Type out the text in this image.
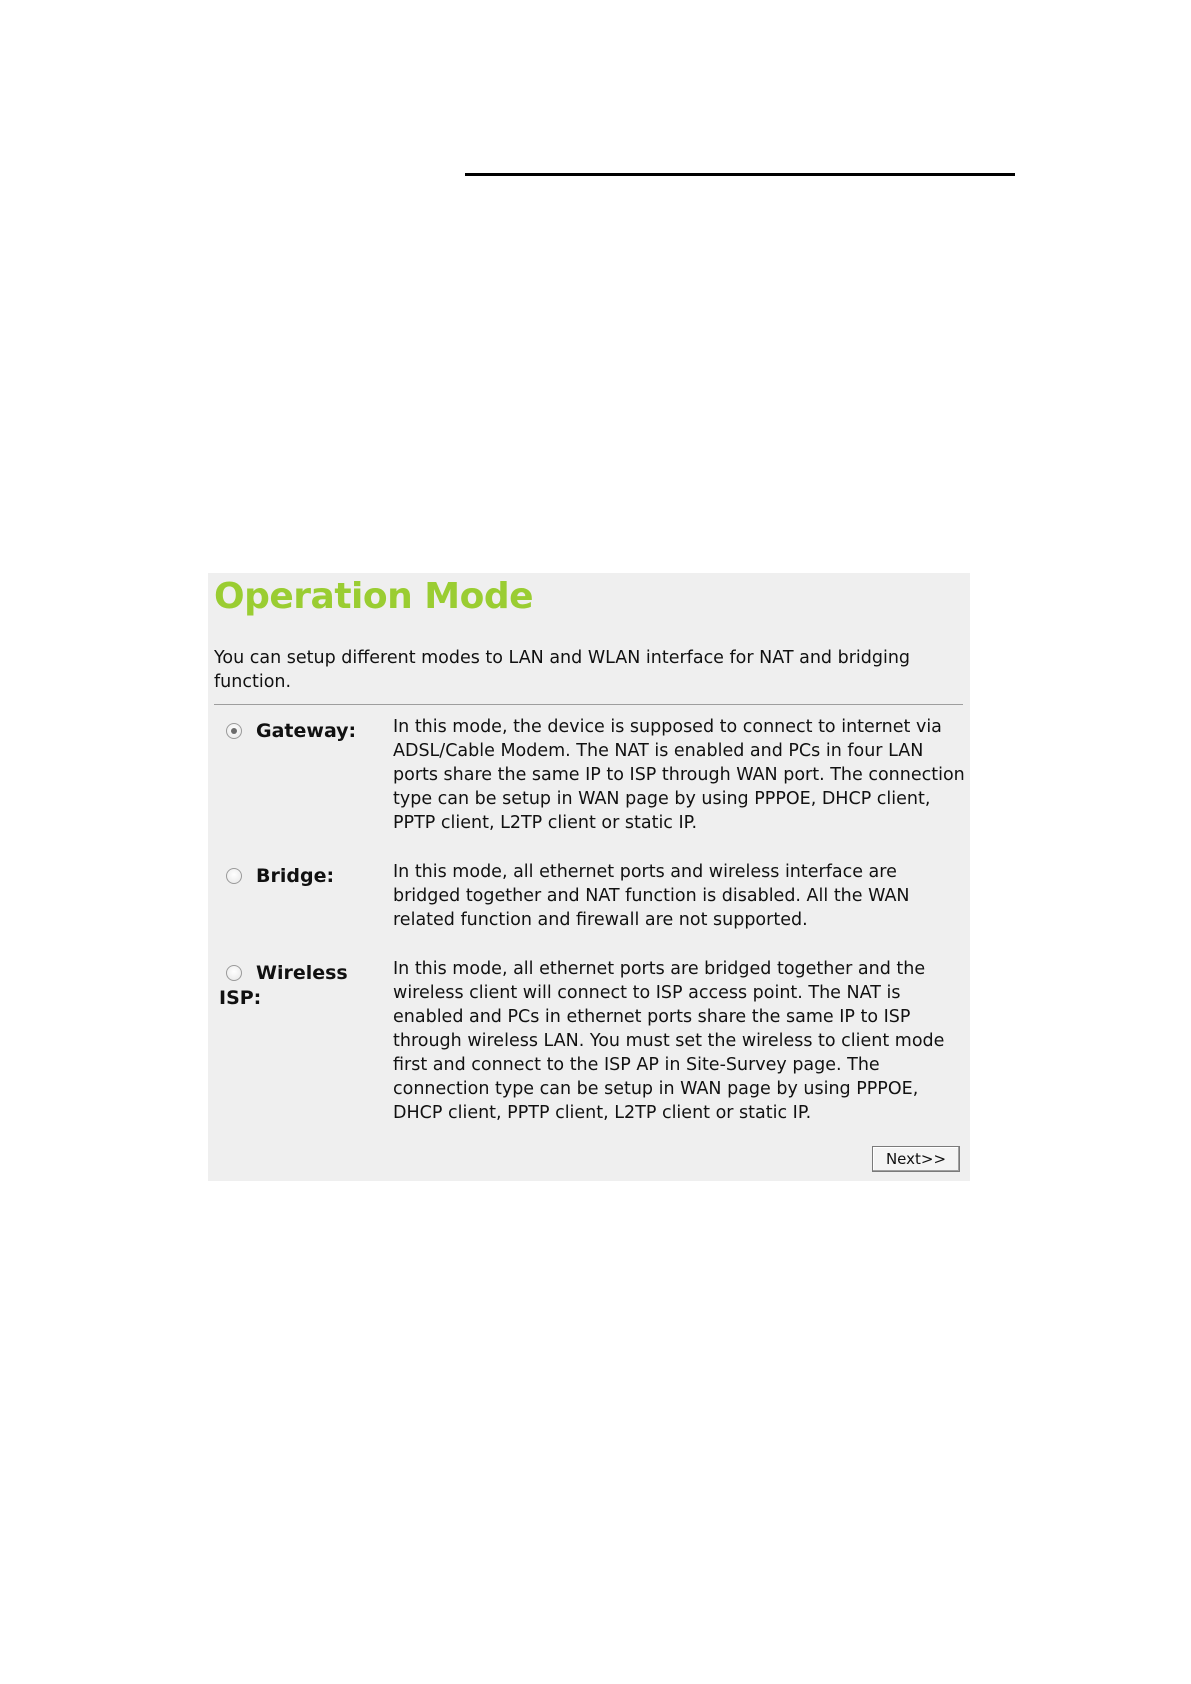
Operation Mode
You can setup different modes to LAN and WLAN interface for NAT and bridging function.
Gateway:	In this mode, the device is supposed to connect to internet via ADSL/Cable Modem. The NAT is enabled and PCs in four LAN ports share the same IP to ISP through WAN port. The connection type can be setup in WAN page by using PPPOE, DHCP client, PPTP client, L2TP client or static IP.
Bridge:	In this mode, all ethernet ports and wireless interface are bridged together and NAT function is disabled. All the WAN related function and firewall are not supported.
Wireless ISP:
In this mode, all ethernet ports are bridged together and the wireless client will connect to ISP access point. The NAT is enabled and PCs in ethernet ports share the same IP to ISP through wireless LAN. You must set the wireless to client mode first and connect to the ISP AP in Site-Survey page. The connection type can be setup in WAN page by using PPPOE, DHCP client, PPTP client, L2TP client or static IP.
Next>>
